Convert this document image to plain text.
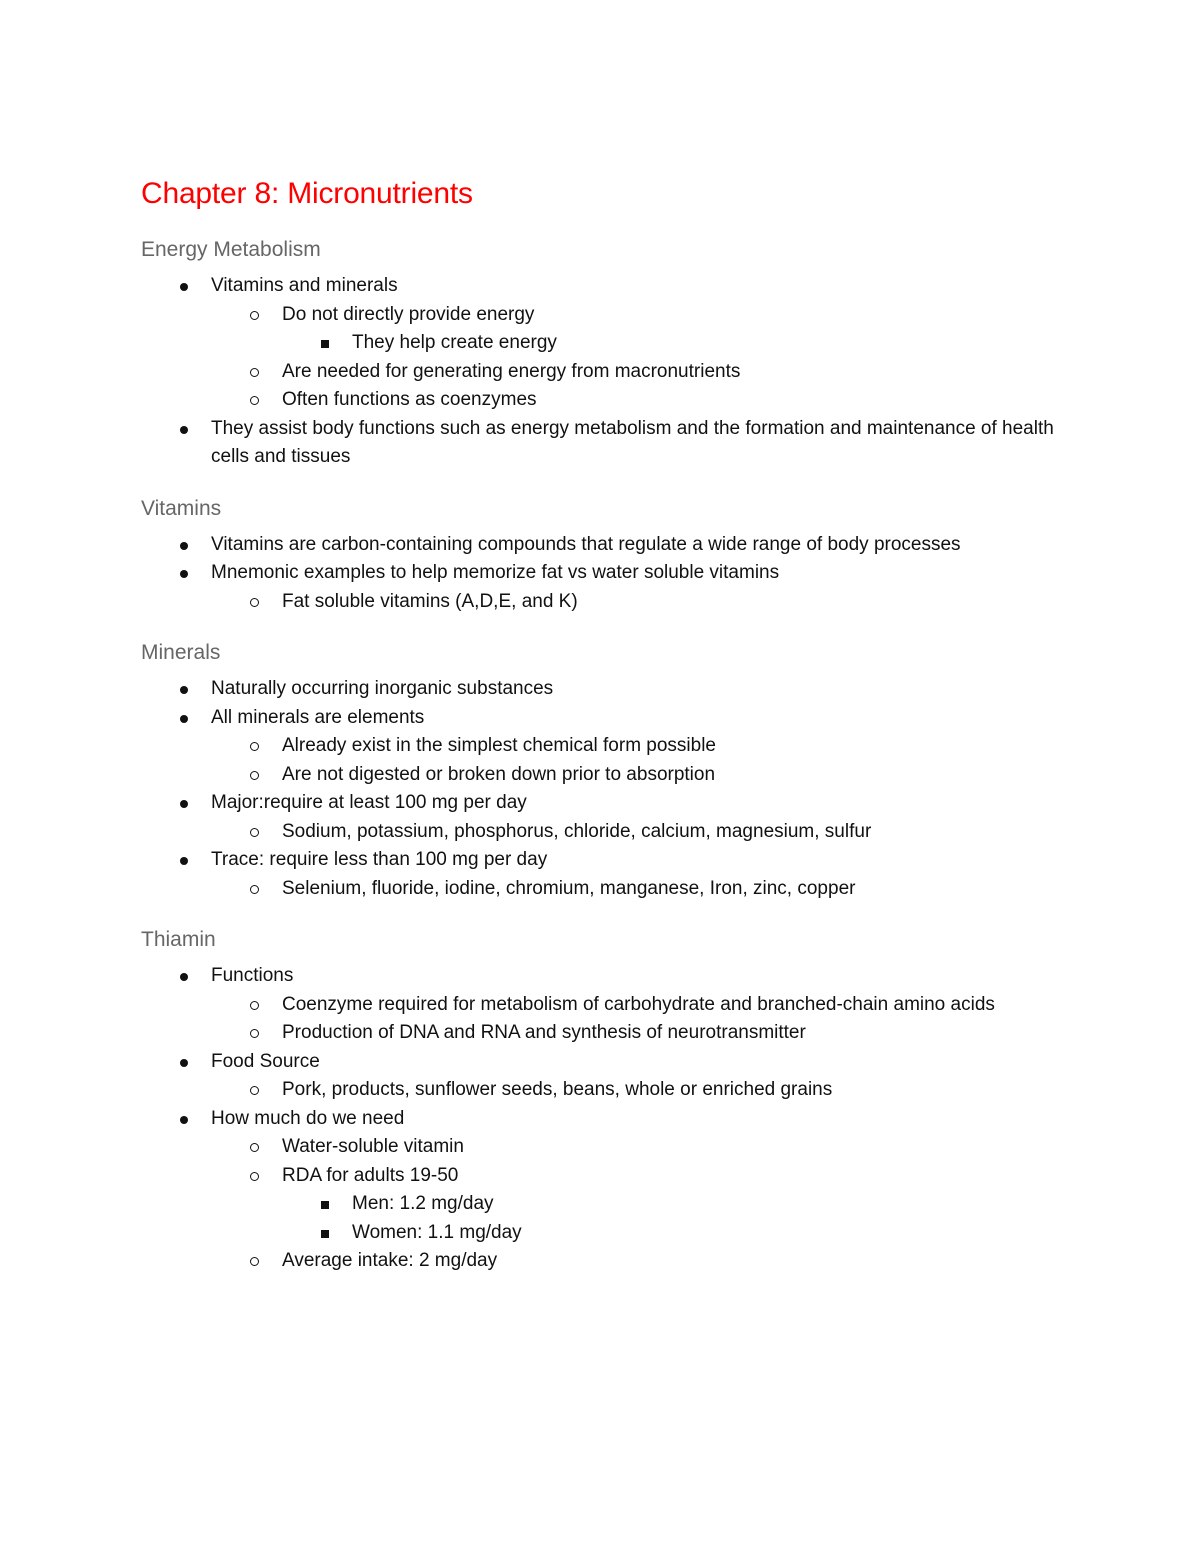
Chapter 8: Micronutrients
Energy Metabolism
Vitamins and minerals
Do not directly provide energy
They help create energy
Are needed for generating energy from macronutrients
Often functions as coenzymes
They assist body functions such as energy metabolism and the formation and maintenance of health cells and tissues
Vitamins
Vitamins are carbon-containing compounds that regulate a wide range of body processes
Mnemonic examples to help memorize fat vs water soluble vitamins
Fat soluble vitamins (A,D,E, and K)
Minerals
Naturally occurring inorganic substances
All minerals are elements
Already exist in the simplest chemical form possible
Are not digested or broken down prior to absorption
Major:require at least 100 mg per day
Sodium, potassium, phosphorus, chloride, calcium, magnesium, sulfur
Trace: require less than 100 mg per day
Selenium, fluoride, iodine, chromium, manganese, Iron, zinc, copper
Thiamin
Functions
Coenzyme required for metabolism of carbohydrate and branched-chain amino acids
Production of DNA and RNA and synthesis of neurotransmitter
Food Source
Pork, products, sunflower seeds, beans, whole or enriched grains
How much do we need
Water-soluble vitamin
RDA for adults 19-50
Men: 1.2 mg/day
Women: 1.1 mg/day
Average intake: 2 mg/day
